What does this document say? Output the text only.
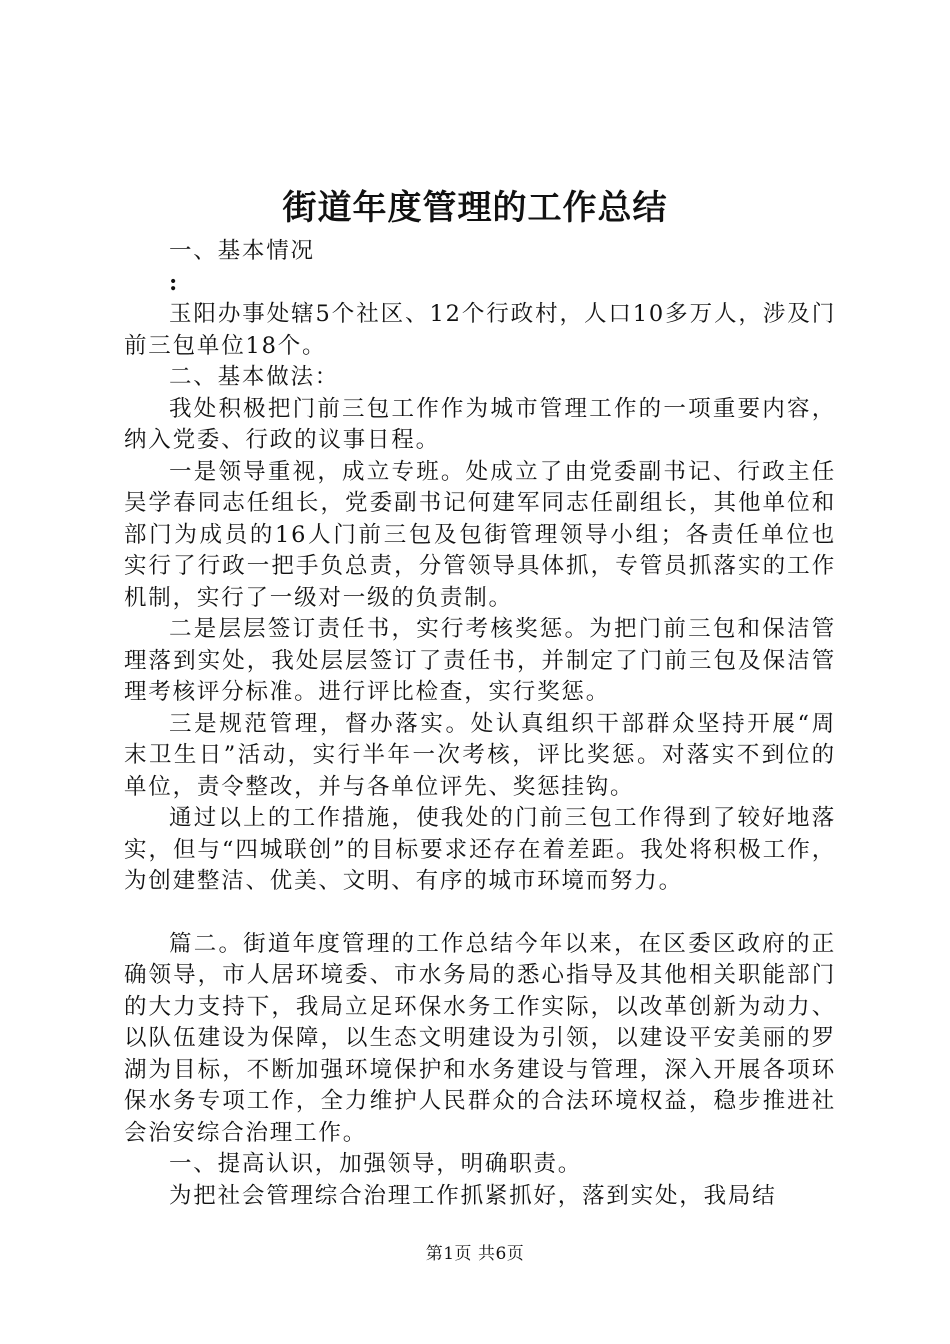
街道年度管理的工作总结

一、基本情况

:

玉阳办事处辖5个社区、12个行政村，人口10多万人，涉及门前三包单位18个。

二、基本做法：

我处积极把门前三包工作作为城市管理工作的一项重要内容，纳入党委、行政的议事日程。

一是领导重视，成立专班。处成立了由党委副书记、行政主任吴学春同志任组长，党委副书记何建军同志任副组长，其他单位和部门为成员的16人门前三包及包街管理领导小组；各责任单位也实行了行政一把手负总责，分管领导具体抓，专管员抓落实的工作机制，实行了一级对一级的负责制。

二是层层签订责任书，实行考核奖惩。为把门前三包和保洁管理落到实处，我处层层签订了责任书，并制定了门前三包及保洁管理考核评分标准。进行评比检查，实行奖惩。

三是规范管理，督办落实。处认真组织干部群众坚持开展“周末卫生日”活动，实行半年一次考核，评比奖惩。对落实不到位的单位，责令整改，并与各单位评先、奖惩挂钩。

通过以上的工作措施，使我处的门前三包工作得到了较好地落实，但与“四城联创”的目标要求还存在着差距。我处将积极工作，为创建整洁、优美、文明、有序的城市环境而努力。

篇二。街道年度管理的工作总结今年以来，在区委区政府的正确领导，市人居环境委、市水务局的悉心指导及其他相关职能部门的大力支持下，我局立足环保水务工作实际，以改革创新为动力、以队伍建设为保障，以生态文明建设为引领，以建设平安美丽的罗湖为目标，不断加强环境保护和水务建设与管理，深入开展各项环保水务专项工作，全力维护人民群众的合法环境权益，稳步推进社会治安综合治理工作。

一、提高认识，加强领导，明确职责。

为把社会管理综合治理工作抓紧抓好，落到实处，我局结

第1页 共6页
